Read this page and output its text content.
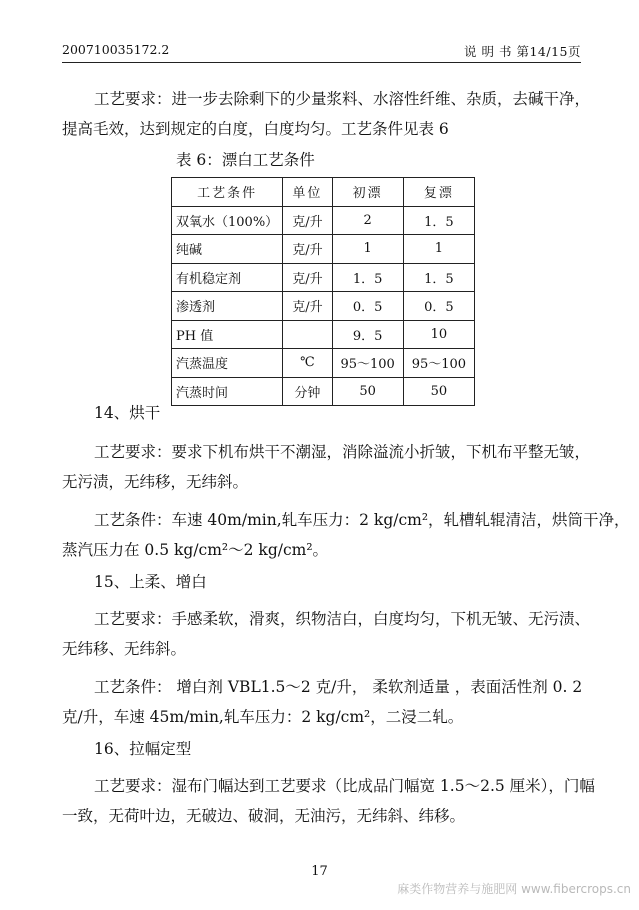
200710035172.2	说 明 书 第14/15页
工艺要求：进一步去除剩下的少量浆料、水溶性纤维、杂质，去碱干净，
提高毛效，达到规定的白度，白度均匀。工艺条件见表 6
表 6：漂白工艺条件
工艺条件	单位	初漂	复漂
双氧水（100%）	克/升	2	1．5
纯碱	克/升	1	1
有机稳定剂	克/升	1．5	1．5
渗透剂	克/升	0．5	0．5
PH 值		9．5	10
汽蒸温度	℃	95～100	95～100
汽蒸时间	分钟	50	50
14、烘干
工艺要求：要求下机布烘干不潮湿，消除溢流小折皱，下机布平整无皱，
无污渍，无纬移，无纬斜。
工艺条件：车速 40m/min,轧车压力：2 kg/cm²，轧槽轧辊清洁，烘筒干净，
蒸汽压力在 0.5 kg/cm²～2 kg/cm²。
15、上柔、增白
工艺要求：手感柔软，滑爽，织物洁白，白度均匀，下机无皱、无污渍、
无纬移、无纬斜。
工艺条件： 增白剂 VBL1.5～2 克/升， 柔软剂适量 ，表面活性剂 0. 2
克/升，车速 45m/min,轧车压力：2 kg/cm²，二浸二轧。
16、拉幅定型
工艺要求：湿布门幅达到工艺要求（比成品门幅宽 1.5～2.5 厘米），门幅
一致，无荷叶边，无破边、破洞，无油污，无纬斜、纬移。
17
麻类作物营养与施肥网 www.fibercrops.cn
